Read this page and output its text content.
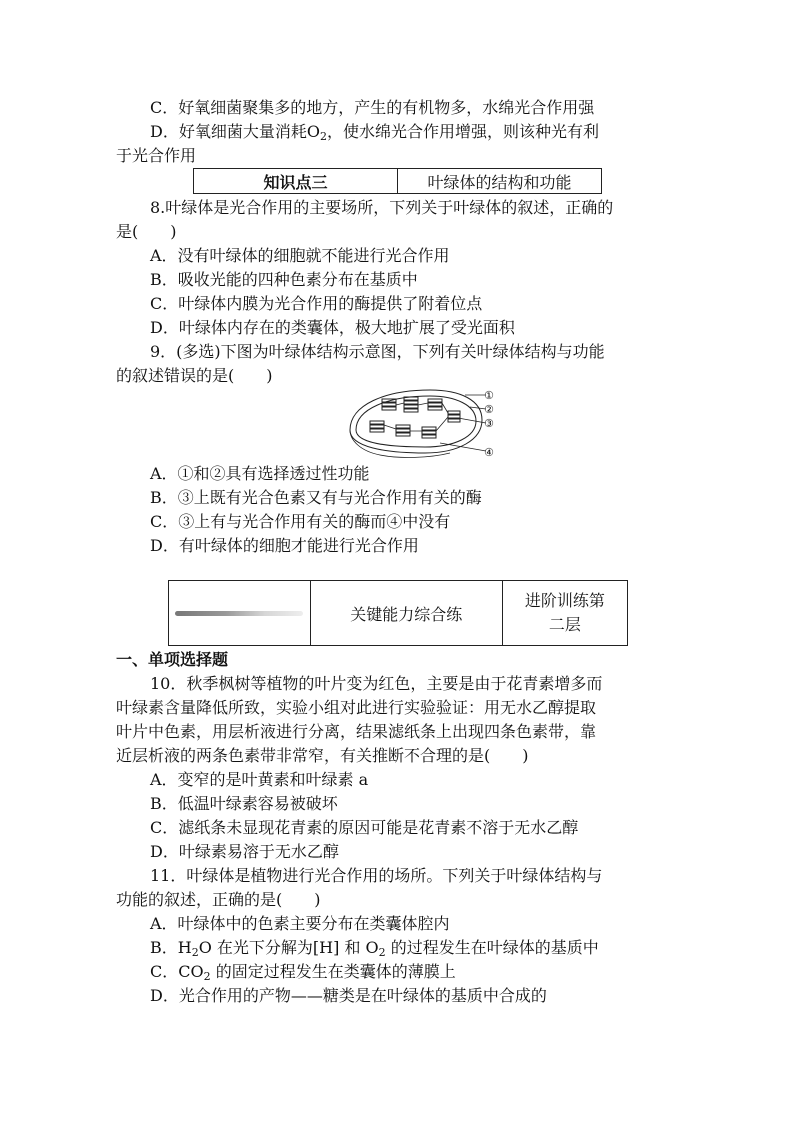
C．好氧细菌聚集多的地方，产生的有机物多，水绵光合作用强
D．好氧细菌大量消耗$O_2$，使水绵光合作用增强，则该种光有利
于光合作用
知识点三	叶绿体的结构和功能
8.叶绿体是光合作用的主要场所，下列关于叶绿体的叙述，正确的
是(　　)
A．没有叶绿体的细胞就不能进行光合作用
B．吸收光能的四种色素分布在基质中
C．叶绿体内膜为光合作用的酶提供了附着位点
D．叶绿体内存在的类囊体，极大地扩展了受光面积
9．(多选)下图为叶绿体结构示意图，下列有关叶绿体结构与功能
的叙述错误的是(　　)
①
②
③
④
A．①和②具有选择透过性功能
B．③上既有光合色素又有与光合作用有关的酶
C．③上有与光合作用有关的酶而④中没有
D．有叶绿体的细胞才能进行光合作用
	关键能力综合练	
进阶训练第
二层
一、单项选择题
10．秋季枫树等植物的叶片变为红色，主要是由于花青素增多而
叶绿素含量降低所致，实验小组对此进行实验验证：用无水乙醇提取
叶片中色素，用层析液进行分离，结果滤纸条上出现四条色素带，靠
近层析液的两条色素带非常窄，有关推断不合理的是(　　)
A．变窄的是叶黄素和叶绿素 a
B．低温叶绿素容易被破坏
C．滤纸条未显现花青素的原因可能是花青素不溶于无水乙醇
D．叶绿素易溶于无水乙醇
11．叶绿体是植物进行光合作用的场所。下列关于叶绿体结构与
功能的叙述，正确的是(　　)
A．叶绿体中的色素主要分布在类囊体腔内
B．$H_2O$ 在光下分解为[H] 和 $O_2$ 的过程发生在叶绿体的基质中
C．$CO_2$ 的固定过程发生在类囊体的薄膜上
D．光合作用的产物——糖类是在叶绿体的基质中合成的
